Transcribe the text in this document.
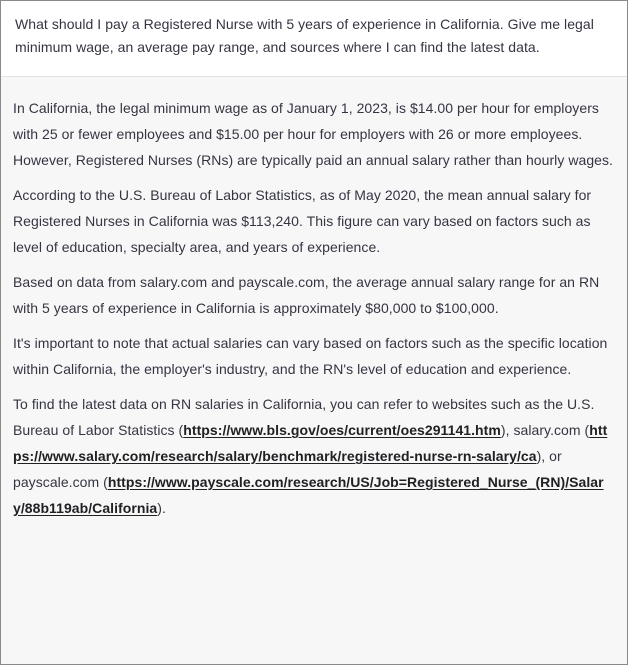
What should I pay a Registered Nurse with 5 years of experience in California. Give me legal minimum wage, an average pay range, and sources where I can find the latest data.

In California, the legal minimum wage as of January 1, 2023, is $14.00 per hour for employers with 25 or fewer employees and $15.00 per hour for employers with 26 or more employees. However, Registered Nurses (RNs) are typically paid an annual salary rather than hourly wages.

According to the U.S. Bureau of Labor Statistics, as of May 2020, the mean annual salary for Registered Nurses in California was $113,240. This figure can vary based on factors such as level of education, specialty area, and years of experience.

Based on data from salary.com and payscale.com, the average annual salary range for an RN with 5 years of experience in California is approximately $80,000 to $100,000.

It's important to note that actual salaries can vary based on factors such as the specific location within California, the employer's industry, and the RN's level of education and experience.

To find the latest data on RN salaries in California, you can refer to websites such as the U.S. Bureau of Labor Statistics (https://www.bls.gov/oes/current/oes291141.htm), salary.com (https://www.salary.com/research/salary/benchmark/registered-nurse-rn-salary/ca), or payscale.com (https://www.payscale.com/research/US/Job=Registered_Nurse_(RN)/Salary/88b119ab/California).
